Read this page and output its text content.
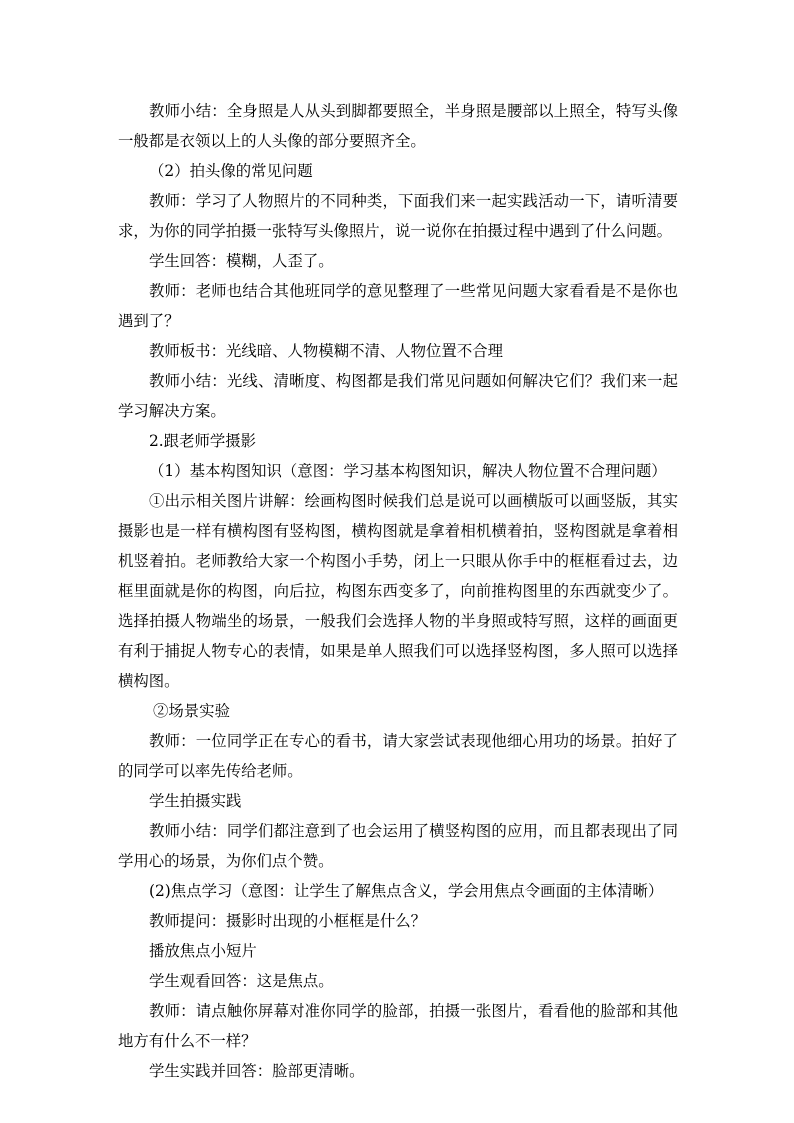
教师小结：全身照是人从头到脚都要照全，半身照是腰部以上照全，特写头像一般都是衣领以上的人头像的部分要照齐全。

（2）拍头像的常见问题

教师：学习了人物照片的不同种类，下面我们来一起实践活动一下，请听清要求，为你的同学拍摄一张特写头像照片，说一说你在拍摄过程中遇到了什么问题。

学生回答：模糊，人歪了。

教师：老师也结合其他班同学的意见整理了一些常见问题大家看看是不是你也遇到了？

教师板书：光线暗、人物模糊不清、人物位置不合理

教师小结：光线、清晰度、构图都是我们常见问题如何解决它们？我们来一起学习解决方案。

2.跟老师学摄影

（1）基本构图知识（意图：学习基本构图知识，解决人物位置不合理问题）

①出示相关图片讲解：绘画构图时候我们总是说可以画横版可以画竖版，其实摄影也是一样有横构图有竖构图，横构图就是拿着相机横着拍，竖构图就是拿着相机竖着拍。老师教给大家一个构图小手势，闭上一只眼从你手中的框框看过去，边框里面就是你的构图，向后拉，构图东西变多了，向前推构图里的东西就变少了。选择拍摄人物端坐的场景，一般我们会选择人物的半身照或特写照，这样的画面更有利于捕捉人物专心的表情，如果是单人照我们可以选择竖构图，多人照可以选择横构图。

②场景实验

教师：一位同学正在专心的看书，请大家尝试表现他细心用功的场景。拍好了的同学可以率先传给老师。

学生拍摄实践

教师小结：同学们都注意到了也会运用了横竖构图的应用，而且都表现出了同学用心的场景，为你们点个赞。

(2)焦点学习（意图：让学生了解焦点含义，学会用焦点令画面的主体清晰）

教师提问：摄影时出现的小框框是什么？

播放焦点小短片

学生观看回答：这是焦点。

教师：请点触你屏幕对准你同学的脸部，拍摄一张图片，看看他的脸部和其他地方有什么不一样？

学生实践并回答：脸部更清晰。
